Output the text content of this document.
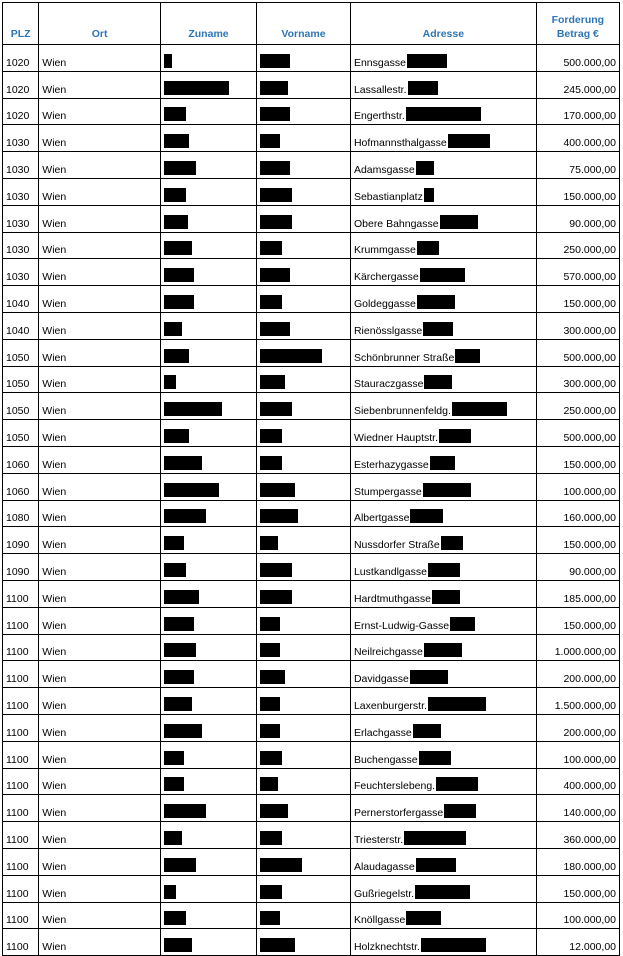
PLZ	Ort	Zuname	Vorname	Adresse	Forderung
Betrag €

1020	Wien			Ennsgasse	500.000,00
1020	Wien			Lassallestr.	245.000,00
1020	Wien			Engerthstr.	170.000,00
1030	Wien			Hofmannsthalgasse	400.000,00
1030	Wien			Adamsgasse	75.000,00
1030	Wien			Sebastianplatz	150.000,00
1030	Wien			Obere Bahngasse	90.000,00
1030	Wien			Krummgasse	250.000,00
1030	Wien			Kärchergasse	570.000,00
1040	Wien			Goldeggasse	150.000,00
1040	Wien			Rienösslgasse	300.000,00
1050	Wien			Schönbrunner Straße	500.000,00
1050	Wien			Stauraczgasse	300.000,00
1050	Wien			Siebenbrunnenfeldg.	250.000,00
1050	Wien			Wiedner Hauptstr.	500.000,00
1060	Wien			Esterhazygasse	150.000,00
1060	Wien			Stumpergasse	100.000,00
1080	Wien			Albertgasse	160.000,00
1090	Wien			Nussdorfer Straße	150.000,00
1090	Wien			Lustkandlgasse	90.000,00
1100	Wien			Hardtmuthgasse	185.000,00
1100	Wien			Ernst-Ludwig-Gasse	150.000,00
1100	Wien			Neilreichgasse	1.000.000,00
1100	Wien			Davidgasse	200.000,00
1100	Wien			Laxenburgerstr.	1.500.000,00
1100	Wien			Erlachgasse	200.000,00
1100	Wien			Buchengasse	100.000,00
1100	Wien			Feuchterslebeng.	400.000,00
1100	Wien			Pernerstorfergasse	140.000,00
1100	Wien			Triesterstr.	360.000,00
1100	Wien			Alaudagasse	180.000,00
1100	Wien			Gußriegelstr.	150.000,00
1100	Wien			Knöllgasse	100.000,00
1100	Wien			Holzknechtstr.	12.000,00
